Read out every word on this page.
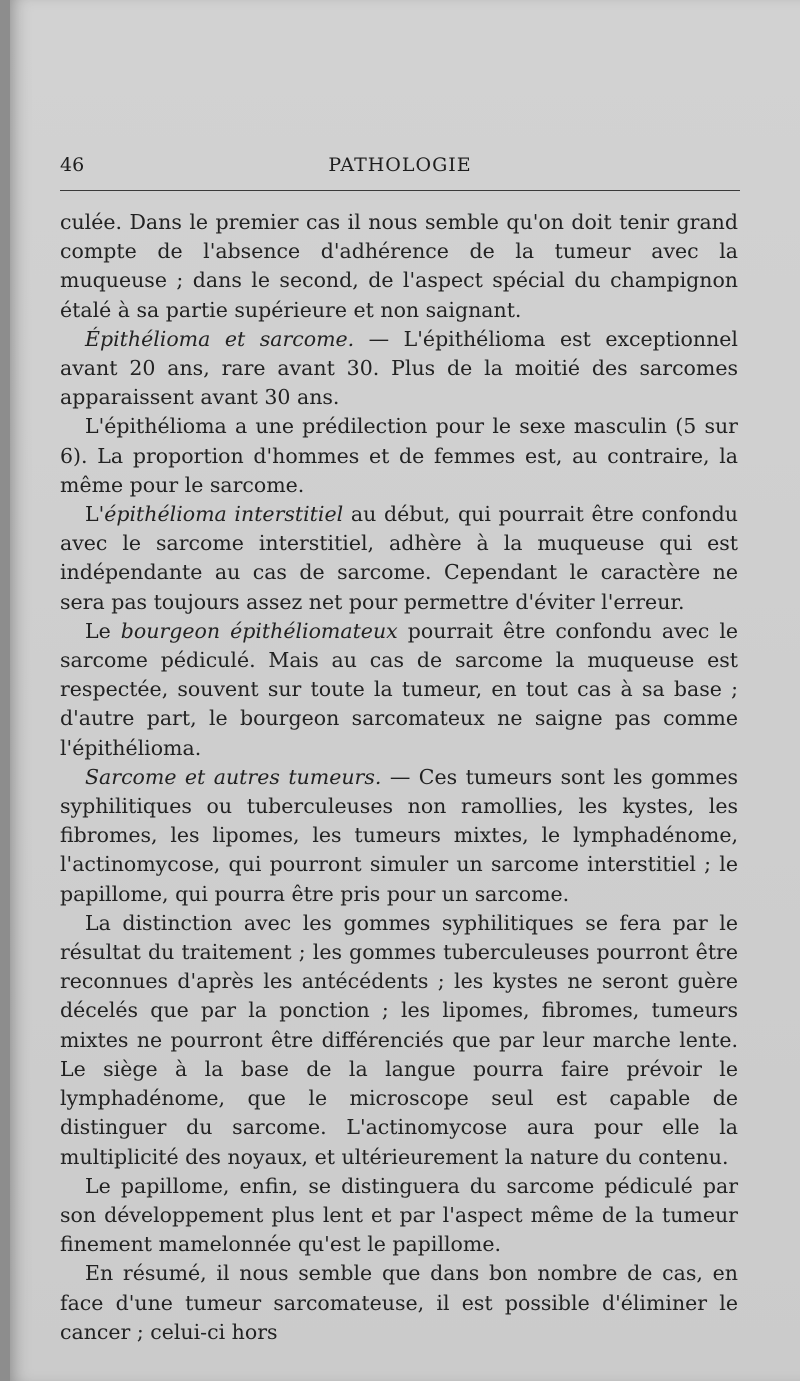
46	PATHOLOGIE

culée. Dans le premier cas il nous semble qu'on doit tenir grand compte de l'absence d'adhérence de la tumeur avec la muqueuse ; dans le second, de l'aspect spécial du champignon étalé à sa partie supérieure et non saignant.

Épithélioma et sarcome. — L'épithélioma est exceptionnel avant 20 ans, rare avant 30. Plus de la moitié des sarcomes apparaissent avant 30 ans.

L'épithélioma a une prédilection pour le sexe masculin (5 sur 6). La proportion d'hommes et de femmes est, au contraire, la même pour le sarcome.

L'épithélioma interstitiel au début, qui pourrait être confondu avec le sarcome interstitiel, adhère à la muqueuse qui est indépendante au cas de sarcome. Cependant le caractère ne sera pas toujours assez net pour permettre d'éviter l'erreur.

Le bourgeon épithéliomateux pourrait être confondu avec le sarcome pédiculé. Mais au cas de sarcome la muqueuse est respectée, souvent sur toute la tumeur, en tout cas à sa base ; d'autre part, le bourgeon sarcomateux ne saigne pas comme l'épithélioma.

Sarcome et autres tumeurs. — Ces tumeurs sont les gommes syphilitiques ou tuberculeuses non ramollies, les kystes, les fibromes, les lipomes, les tumeurs mixtes, le lymphadénome, l'actinomycose, qui pourront simuler un sarcome interstitiel ; le papillome, qui pourra être pris pour un sarcome.

La distinction avec les gommes syphilitiques se fera par le résultat du traitement ; les gommes tuberculeuses pourront être reconnues d'après les antécédents ; les kystes ne seront guère décelés que par la ponction ; les lipomes, fibromes, tumeurs mixtes ne pourront être différenciés que par leur marche lente. Le siège à la base de la langue pourra faire prévoir le lymphadénome, que le microscope seul est capable de distinguer du sarcome. L'actinomycose aura pour elle la multiplicité des noyaux, et ultérieurement la nature du contenu.

Le papillome, enfin, se distinguera du sarcome pédiculé par son développement plus lent et par l'aspect même de la tumeur finement mamelonnée qu'est le papillome.

En résumé, il nous semble que dans bon nombre de cas, en face d'une tumeur sarcomateuse, il est possible d'éliminer le cancer ; celui-ci hors
